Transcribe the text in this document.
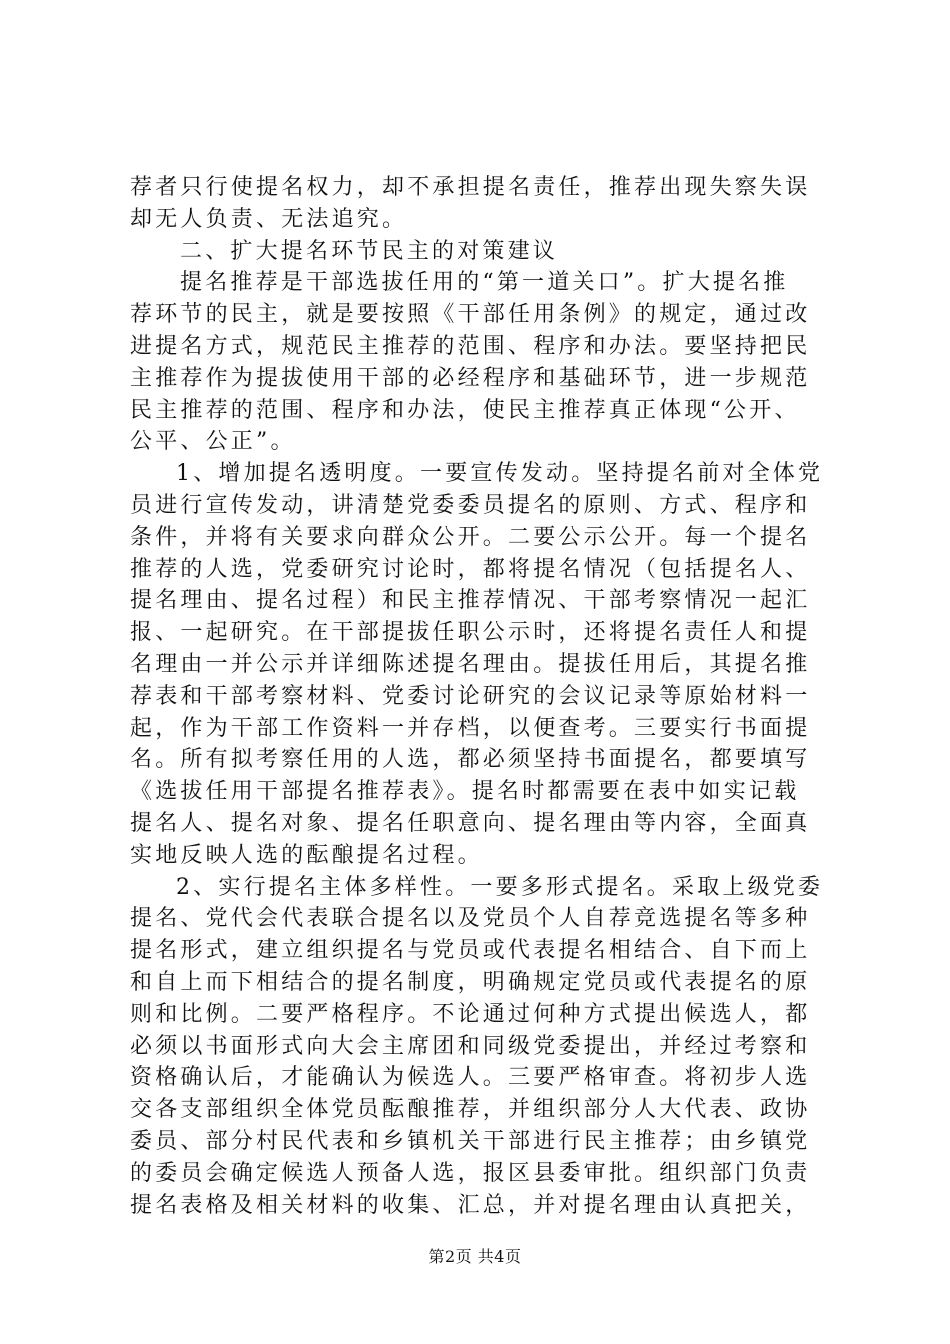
荐者只行使提名权力，却不承担提名责任，推荐出现失察失误
却无人负责、无法追究。
二、扩大提名环节民主的对策建议
提名推荐是干部选拔任用的“第一道关口”。扩大提名推
荐环节的民主，就是要按照《干部任用条例》的规定，通过改
进提名方式，规范民主推荐的范围、程序和办法。要坚持把民
主推荐作为提拔使用干部的必经程序和基础环节，进一步规范
民主推荐的范围、程序和办法，使民主推荐真正体现“公开、
公平、公正”。
1、增加提名透明度。一要宣传发动。坚持提名前对全体党
员进行宣传发动，讲清楚党委委员提名的原则、方式、程序和
条件，并将有关要求向群众公开。二要公示公开。每一个提名
推荐的人选，党委研究讨论时，都将提名情况（包括提名人、
提名理由、提名过程）和民主推荐情况、干部考察情况一起汇
报、一起研究。在干部提拔任职公示时，还将提名责任人和提
名理由一并公示并详细陈述提名理由。提拔任用后，其提名推
荐表和干部考察材料、党委讨论研究的会议记录等原始材料一
起，作为干部工作资料一并存档，以便查考。三要实行书面提
名。所有拟考察任用的人选，都必须坚持书面提名，都要填写
《选拔任用干部提名推荐表》。提名时都需要在表中如实记载
提名人、提名对象、提名任职意向、提名理由等内容，全面真
实地反映人选的酝酿提名过程。
2、实行提名主体多样性。一要多形式提名。采取上级党委
提名、党代会代表联合提名以及党员个人自荐竞选提名等多种
提名形式，建立组织提名与党员或代表提名相结合、自下而上
和自上而下相结合的提名制度，明确规定党员或代表提名的原
则和比例。二要严格程序。不论通过何种方式提出候选人，都
必须以书面形式向大会主席团和同级党委提出，并经过考察和
资格确认后，才能确认为候选人。三要严格审查。将初步人选
交各支部组织全体党员酝酿推荐，并组织部分人大代表、政协
委员、部分村民代表和乡镇机关干部进行民主推荐；由乡镇党
的委员会确定候选人预备人选，报区县委审批。组织部门负责
提名表格及相关材料的收集、汇总，并对提名理由认真把关，
第2页 共4页
